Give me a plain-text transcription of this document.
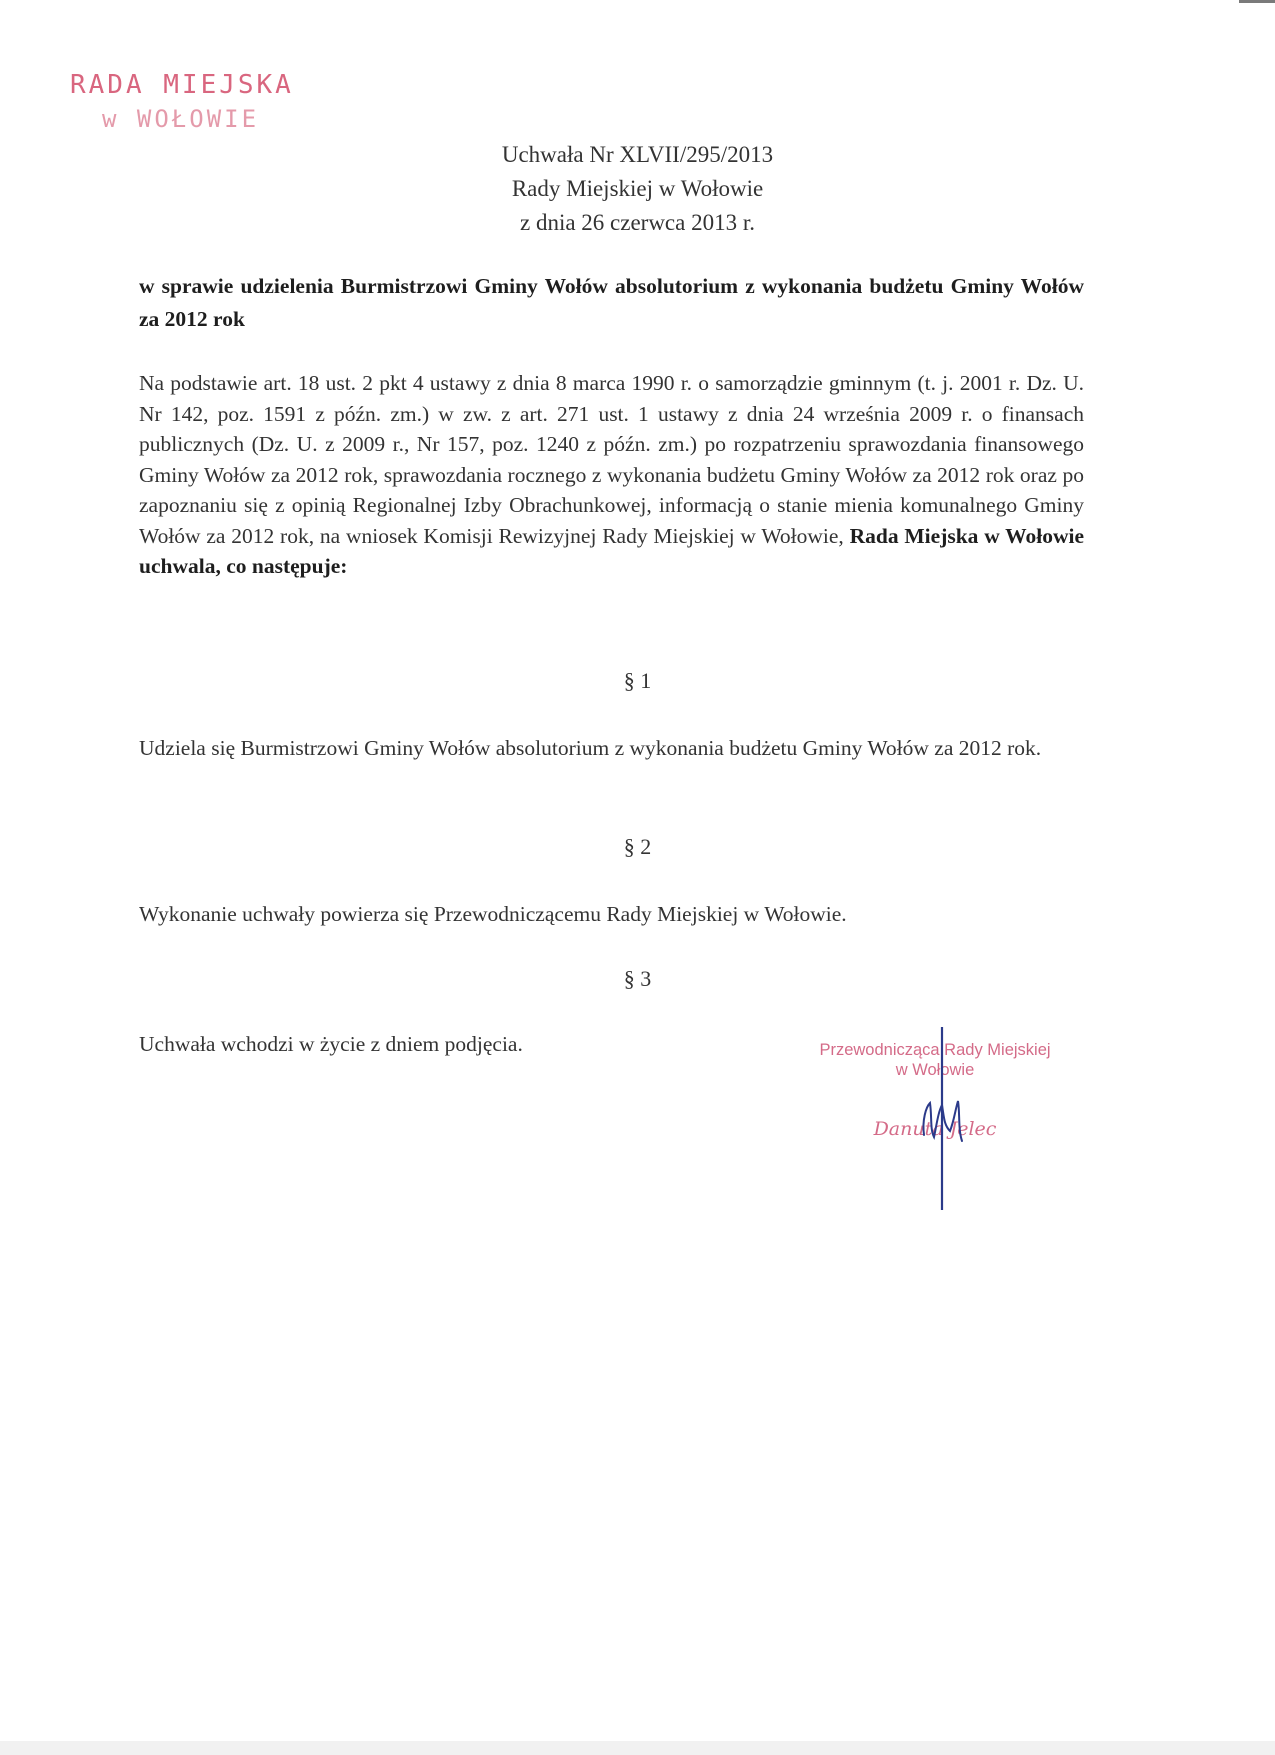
RADA MIEJSKA
w WOŁOWIE
Uchwała Nr XLVII/295/2013
Rady Miejskiej w Wołowie
z dnia 26 czerwca 2013 r.
w sprawie udzielenia Burmistrzowi Gminy Wołów absolutorium z wykonania budżetu Gminy Wołów za 2012 rok
Na podstawie art. 18 ust. 2 pkt 4 ustawy z dnia 8 marca 1990 r. o samorządzie gminnym (t. j. 2001 r. Dz. U. Nr 142, poz. 1591 z późn. zm.) w zw. z art. 271 ust. 1 ustawy z dnia 24 września 2009 r. o finansach publicznych (Dz. U. z 2009 r., Nr 157, poz. 1240 z późn. zm.) po rozpatrzeniu sprawozdania finansowego Gminy Wołów za 2012 rok, sprawozdania rocznego z wykonania budżetu Gminy Wołów za 2012 rok oraz po zapoznaniu się z opinią Regionalnej Izby Obrachunkowej, informacją o stanie mienia komunalnego Gminy Wołów za 2012 rok, na wniosek Komisji Rewizyjnej Rady Miejskiej w Wołowie, Rada Miejska w Wołowie uchwala, co następuje:
§ 1
Udziela się Burmistrzowi Gminy Wołów absolutorium z wykonania budżetu Gminy Wołów za 2012 rok.
§ 2
Wykonanie uchwały powierza się Przewodniczącemu Rady Miejskiej w Wołowie.
§ 3
Uchwała wchodzi w życie z dniem podjęcia.	Przewodnicząca Rady Miejskiej
w Wołowie
Danuta Jelec
